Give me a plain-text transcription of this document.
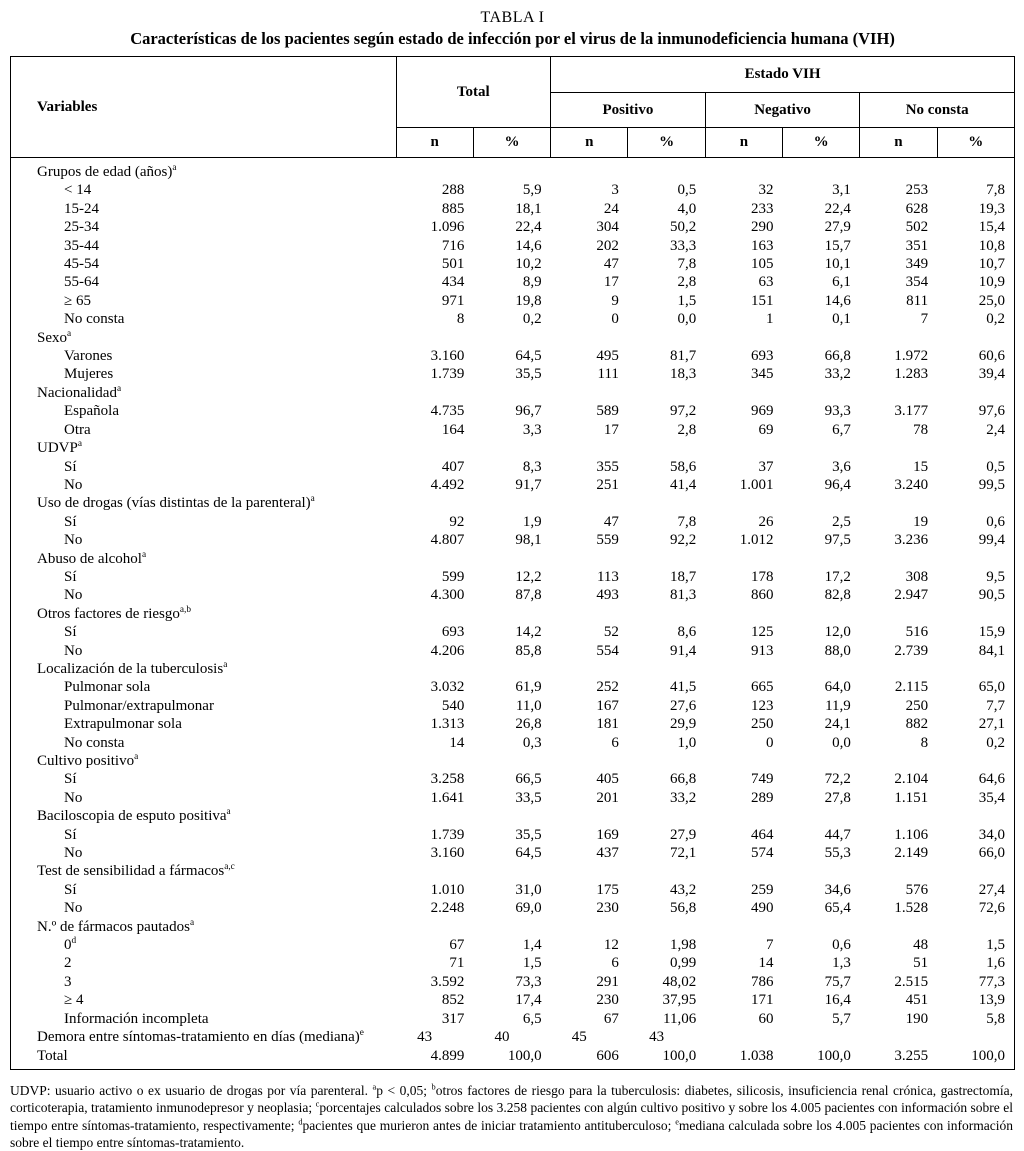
TABLA I
Características de los pacientes según estado de infección por el virus de la inmunodeficiencia humana (VIH)
Variables	Total		Estado VIH					
			Positivo		Negativo		No consta	
	n	%	n	%	n	%	n	%
Grupos de edad (años)$^a$
< 14	288	5,9	3	0,5	32	3,1	253	7,8
15-24	885	18,1	24	4,0	233	22,4	628	19,3
25-34	1.096	22,4	304	50,2	290	27,9	502	15,4
35-44	716	14,6	202	33,3	163	15,7	351	10,8
45-54	501	10,2	47	7,8	105	10,1	349	10,7
55-64	434	8,9	17	2,8	63	6,1	354	10,9
≥ 65	971	19,8	9	1,5	151	14,6	811	25,0
No consta	8	0,2	0	0,0	1	0,1	7	0,2
Sexo$^a$
Varones	3.160	64,5	495	81,7	693	66,8	1.972	60,6
Mujeres	1.739	35,5	111	18,3	345	33,2	1.283	39,4
Nacionalidad$^a$
Española	4.735	96,7	589	97,2	969	93,3	3.177	97,6
Otra	164	3,3	17	2,8	69	6,7	78	2,4
UDVP$^a$
Sí	407	8,3	355	58,6	37	3,6	15	0,5
No	4.492	91,7	251	41,4	1.001	96,4	3.240	99,5
Uso de drogas (vías distintas de la parenteral)$^a$
Sí	92	1,9	47	7,8	26	2,5	19	0,6
No	4.807	98,1	559	92,2	1.012	97,5	3.236	99,4
Abuso de alcohol$^a$
Sí	599	12,2	113	18,7	178	17,2	308	9,5
No	4.300	87,8	493	81,3	860	82,8	2.947	90,5
Otros factores de riesgo$^{a,b}$
Sí	693	14,2	52	8,6	125	12,0	516	15,9
No	4.206	85,8	554	91,4	913	88,0	2.739	84,1
Localización de la tuberculosis$^a$
Pulmonar sola	3.032	61,9	252	41,5	665	64,0	2.115	65,0
Pulmonar/extrapulmonar	540	11,0	167	27,6	123	11,9	250	7,7
Extrapulmonar sola	1.313	26,8	181	29,9	250	24,1	882	27,1
No consta	14	0,3	6	1,0	0	0,0	8	0,2
Cultivo positivo$^a$
Sí	3.258	66,5	405	66,8	749	72,2	2.104	64,6
No	1.641	33,5	201	33,2	289	27,8	1.151	35,4
Baciloscopia de esputo positiva$^a$
Sí	1.739	35,5	169	27,9	464	44,7	1.106	34,0
No	3.160	64,5	437	72,1	574	55,3	2.149	66,0
Test de sensibilidad a fármacos$^{a,c}$
Sí	1.010	31,0	175	43,2	259	34,6	576	27,4
No	2.248	69,0	230	56,8	490	65,4	1.528	72,6
N.º de fármacos pautados$^a$
0$^d$	67	1,4	12	1,98	7	0,6	48	1,5
2	71	1,5	6	0,99	14	1,3	51	1,6
3	3.592	73,3	291	48,02	786	75,7	2.515	77,3
≥ 4	852	17,4	230	37,95	171	16,4	451	13,9
Información incompleta	317	6,5	67	11,06	60	5,7	190	5,8
Demora entre síntomas-tratamiento en días (mediana)$^e$	43	40	45	43				
Total	4.899	100,0	606	100,0	1.038	100,0	3.255	100,0
UDVP: usuario activo o ex usuario de drogas por vía parenteral. $^a$p < 0,05; $^b$otros factores de riesgo para la tuberculosis: diabetes, silicosis, insuficiencia renal crónica, gastrectomía, corticoterapia, tratamiento inmunodepresor y neoplasia; $^c$porcentajes calculados sobre los 3.258 pacientes con algún cultivo positivo y sobre los 4.005 pacientes con información sobre el tiempo entre síntomas-tratamiento, respectivamente; $^d$pacientes que murieron antes de iniciar tratamiento antituberculoso; $^e$mediana calculada sobre los 4.005 pacientes con información sobre el tiempo entre síntomas-tratamiento.
